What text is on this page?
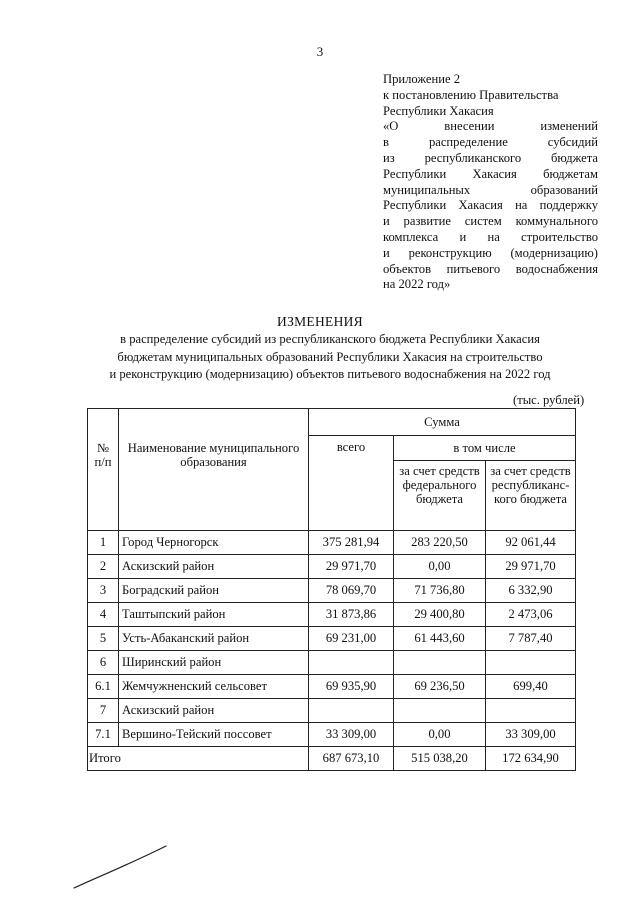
3
Приложение 2
к постановлению Правительства
Республики Хакасия
«О внесении изменений
в распределение субсидий
из республиканского бюджета
Республики Хакасия бюджетам
муниципальных образований
Республики Хакасия на поддержку
и развитие систем коммунального
комплекса и на строительство
и реконструкцию (модернизацию)
объектов питьевого водоснабжения
на 2022 год»
ИЗМЕНЕНИЯ
в распределение субсидий из республиканского бюджета Республики Хакасия
бюджетам муниципальных образований Республики Хакасия на строительство
и реконструкцию (модернизацию) объектов питьевого водоснабжения на 2022 год
(тыс. рублей)
№ п/п	Наименование муниципального образования	Сумма		
		всего	в том числе	
			за счет средств федерального бюджета	за счет средств республиканс-кого бюджета
1	Город Черногорск	375 281,94	283 220,50	92 061,44
2	Аскизский район	29 971,70	0,00	29 971,70
3	Боградский район	78 069,70	71 736,80	6 332,90
4	Таштыпский район	31 873,86	29 400,80	2 473,06
5	Усть-Абаканский район	69 231,00	61 443,60	7 787,40
6	Ширинский район			
6.1	Жемчужненский сельсовет	69 935,90	69 236,50	699,40
7	Аскизский район			
7.1	Вершино-Тейский поссовет	33 309,00	0,00	33 309,00
Итого		687 673,10	515 038,20	172 634,90
